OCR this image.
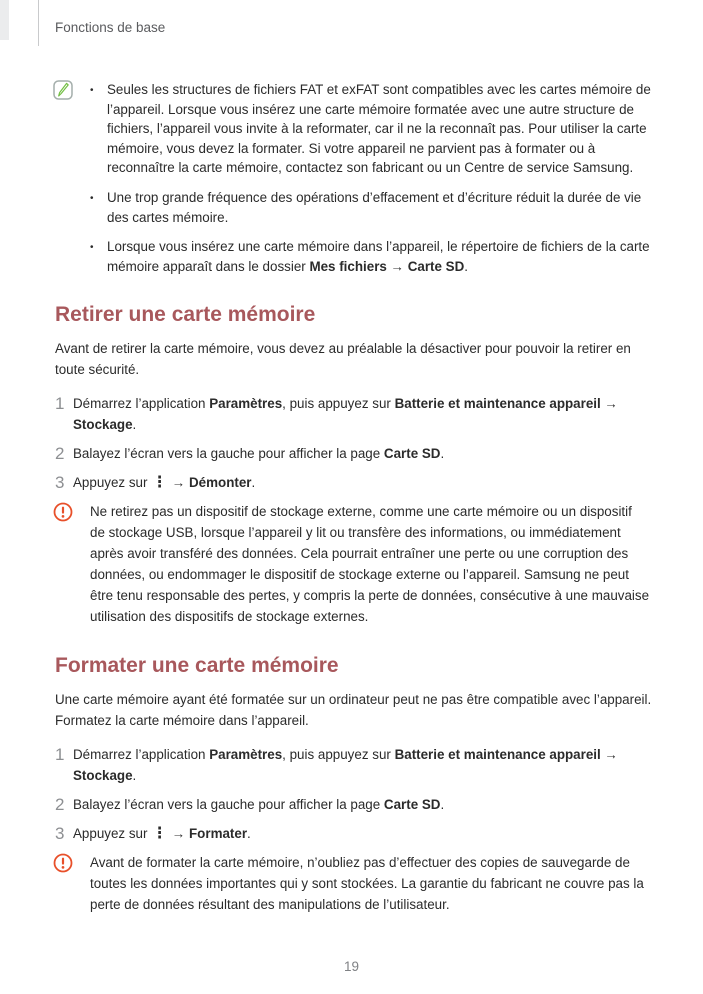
Fonctions de base
•	Seules les structures de fichiers FAT et exFAT sont compatibles avec les cartes mémoire de l’appareil. Lorsque vous insérez une carte mémoire formatée avec une autre structure de fichiers, l’appareil vous invite à la reformater, car il ne la reconnaît pas. Pour utiliser la carte mémoire, vous devez la formater. Si votre appareil ne parvient pas à formater ou à reconnaître la carte mémoire, contactez son fabricant ou un Centre de service Samsung.
•	Une trop grande fréquence des opérations d’effacement et d’écriture réduit la durée de vie des cartes mémoire.
•	Lorsque vous insérez une carte mémoire dans l’appareil, le répertoire de fichiers de la carte mémoire apparaît dans le dossier Mes fichiers → Carte SD.
Retirer une carte mémoire
Avant de retirer la carte mémoire, vous devez au préalable la désactiver pour pouvoir la retirer en toute sécurité.
1 Démarrez l’application Paramètres, puis appuyez sur Batterie et maintenance appareil → Stockage.
2 Balayez l’écran vers la gauche pour afficher la page Carte SD.
3 Appuyez sur ⋮ → Démonter.
Ne retirez pas un dispositif de stockage externe, comme une carte mémoire ou un dispositif de stockage USB, lorsque l’appareil y lit ou transfère des informations, ou immédiatement après avoir transféré des données. Cela pourrait entraîner une perte ou une corruption des données, ou endommager le dispositif de stockage externe ou l’appareil. Samsung ne peut être tenu responsable des pertes, y compris la perte de données, consécutive à une mauvaise utilisation des dispositifs de stockage externes.
Formater une carte mémoire
Une carte mémoire ayant été formatée sur un ordinateur peut ne pas être compatible avec l’appareil. Formatez la carte mémoire dans l’appareil.
1 Démarrez l’application Paramètres, puis appuyez sur Batterie et maintenance appareil → Stockage.
2 Balayez l’écran vers la gauche pour afficher la page Carte SD.
3 Appuyez sur ⋮ → Formater.
Avant de formater la carte mémoire, n’oubliez pas d’effectuer des copies de sauvegarde de toutes les données importantes qui y sont stockées. La garantie du fabricant ne couvre pas la perte de données résultant des manipulations de l’utilisateur.
19
